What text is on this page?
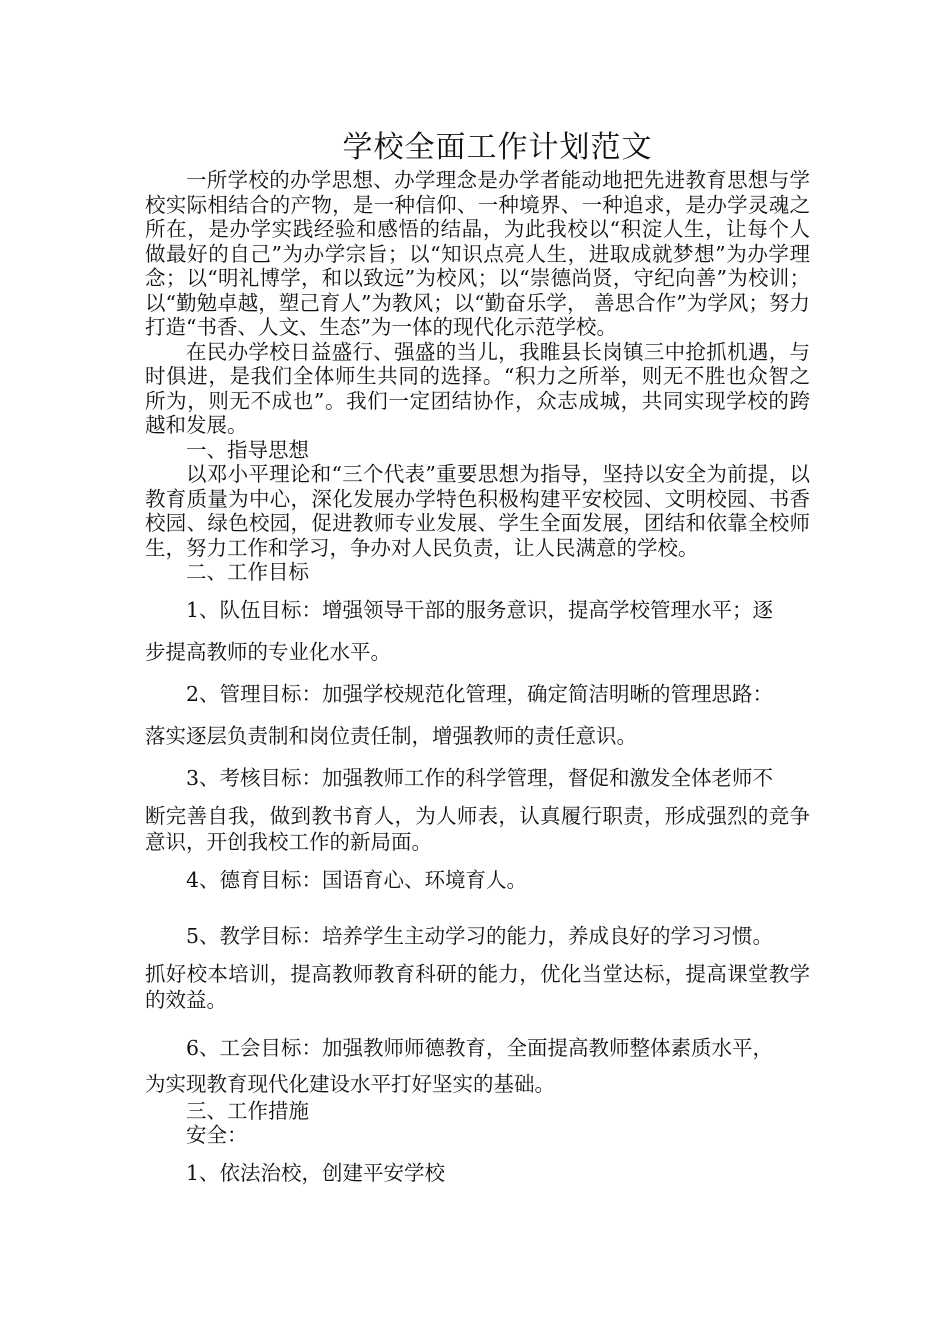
学校全面工作计划范文

一所学校的办学思想、办学理念是办学者能动地把先进教育思想与学校实际相结合的产物，是一种信仰、一种境界、一种追求，是办学灵魂之所在，是办学实践经验和感悟的结晶，为此我校以“积淀人生，让每个人做最好的自己”为办学宗旨；以“知识点亮人生，进取成就梦想”为办学理念；以“明礼博学，和以致远”为校风；以“崇德尚贤，守纪向善”为校训；以“勤勉卓越，塑己育人”为教风；以“勤奋乐学， 善思合作”为学风；努力打造“书香、人文、生态”为一体的现代化示范学校。

在民办学校日益盛行、强盛的当儿，我睢县长岗镇三中抢抓机遇，与时俱进，是我们全体师生共同的选择。“积力之所举，则无不胜也众智之所为，则无不成也”。我们一定团结协作，众志成城，共同实现学校的跨越和发展。

一、指导思想

以邓小平理论和“三个代表”重要思想为指导，坚持以安全为前提，以教育质量为中心，深化发展办学特色积极构建平安校园、文明校园、书香校园、绿色校园，促进教师专业发展、学生全面发展，团结和依靠全校师生，努力工作和学习，争办对人民负责，让人民满意的学校。

二、工作目标

1、队伍目标：增强领导干部的服务意识，提高学校管理水平；逐

步提高教师的专业化水平。

2、管理目标：加强学校规范化管理，确定简洁明晰的管理思路：

落实逐层负责制和岗位责任制，增强教师的责任意识。

3、考核目标：加强教师工作的科学管理，督促和激发全体老师不

断完善自我，做到教书育人，为人师表，认真履行职责，形成强烈的竞争意识，开创我校工作的新局面。

4、德育目标：国语育心、环境育人。

5、教学目标：培养学生主动学习的能力，养成良好的学习习惯。

抓好校本培训，提高教师教育科研的能力，优化当堂达标，提高课堂教学的效益。

6、工会目标：加强教师师德教育，全面提高教师整体素质水平，

为实现教育现代化建设水平打好坚实的基础。

三、工作措施

安全：

1、依法治校，创建平安学校
